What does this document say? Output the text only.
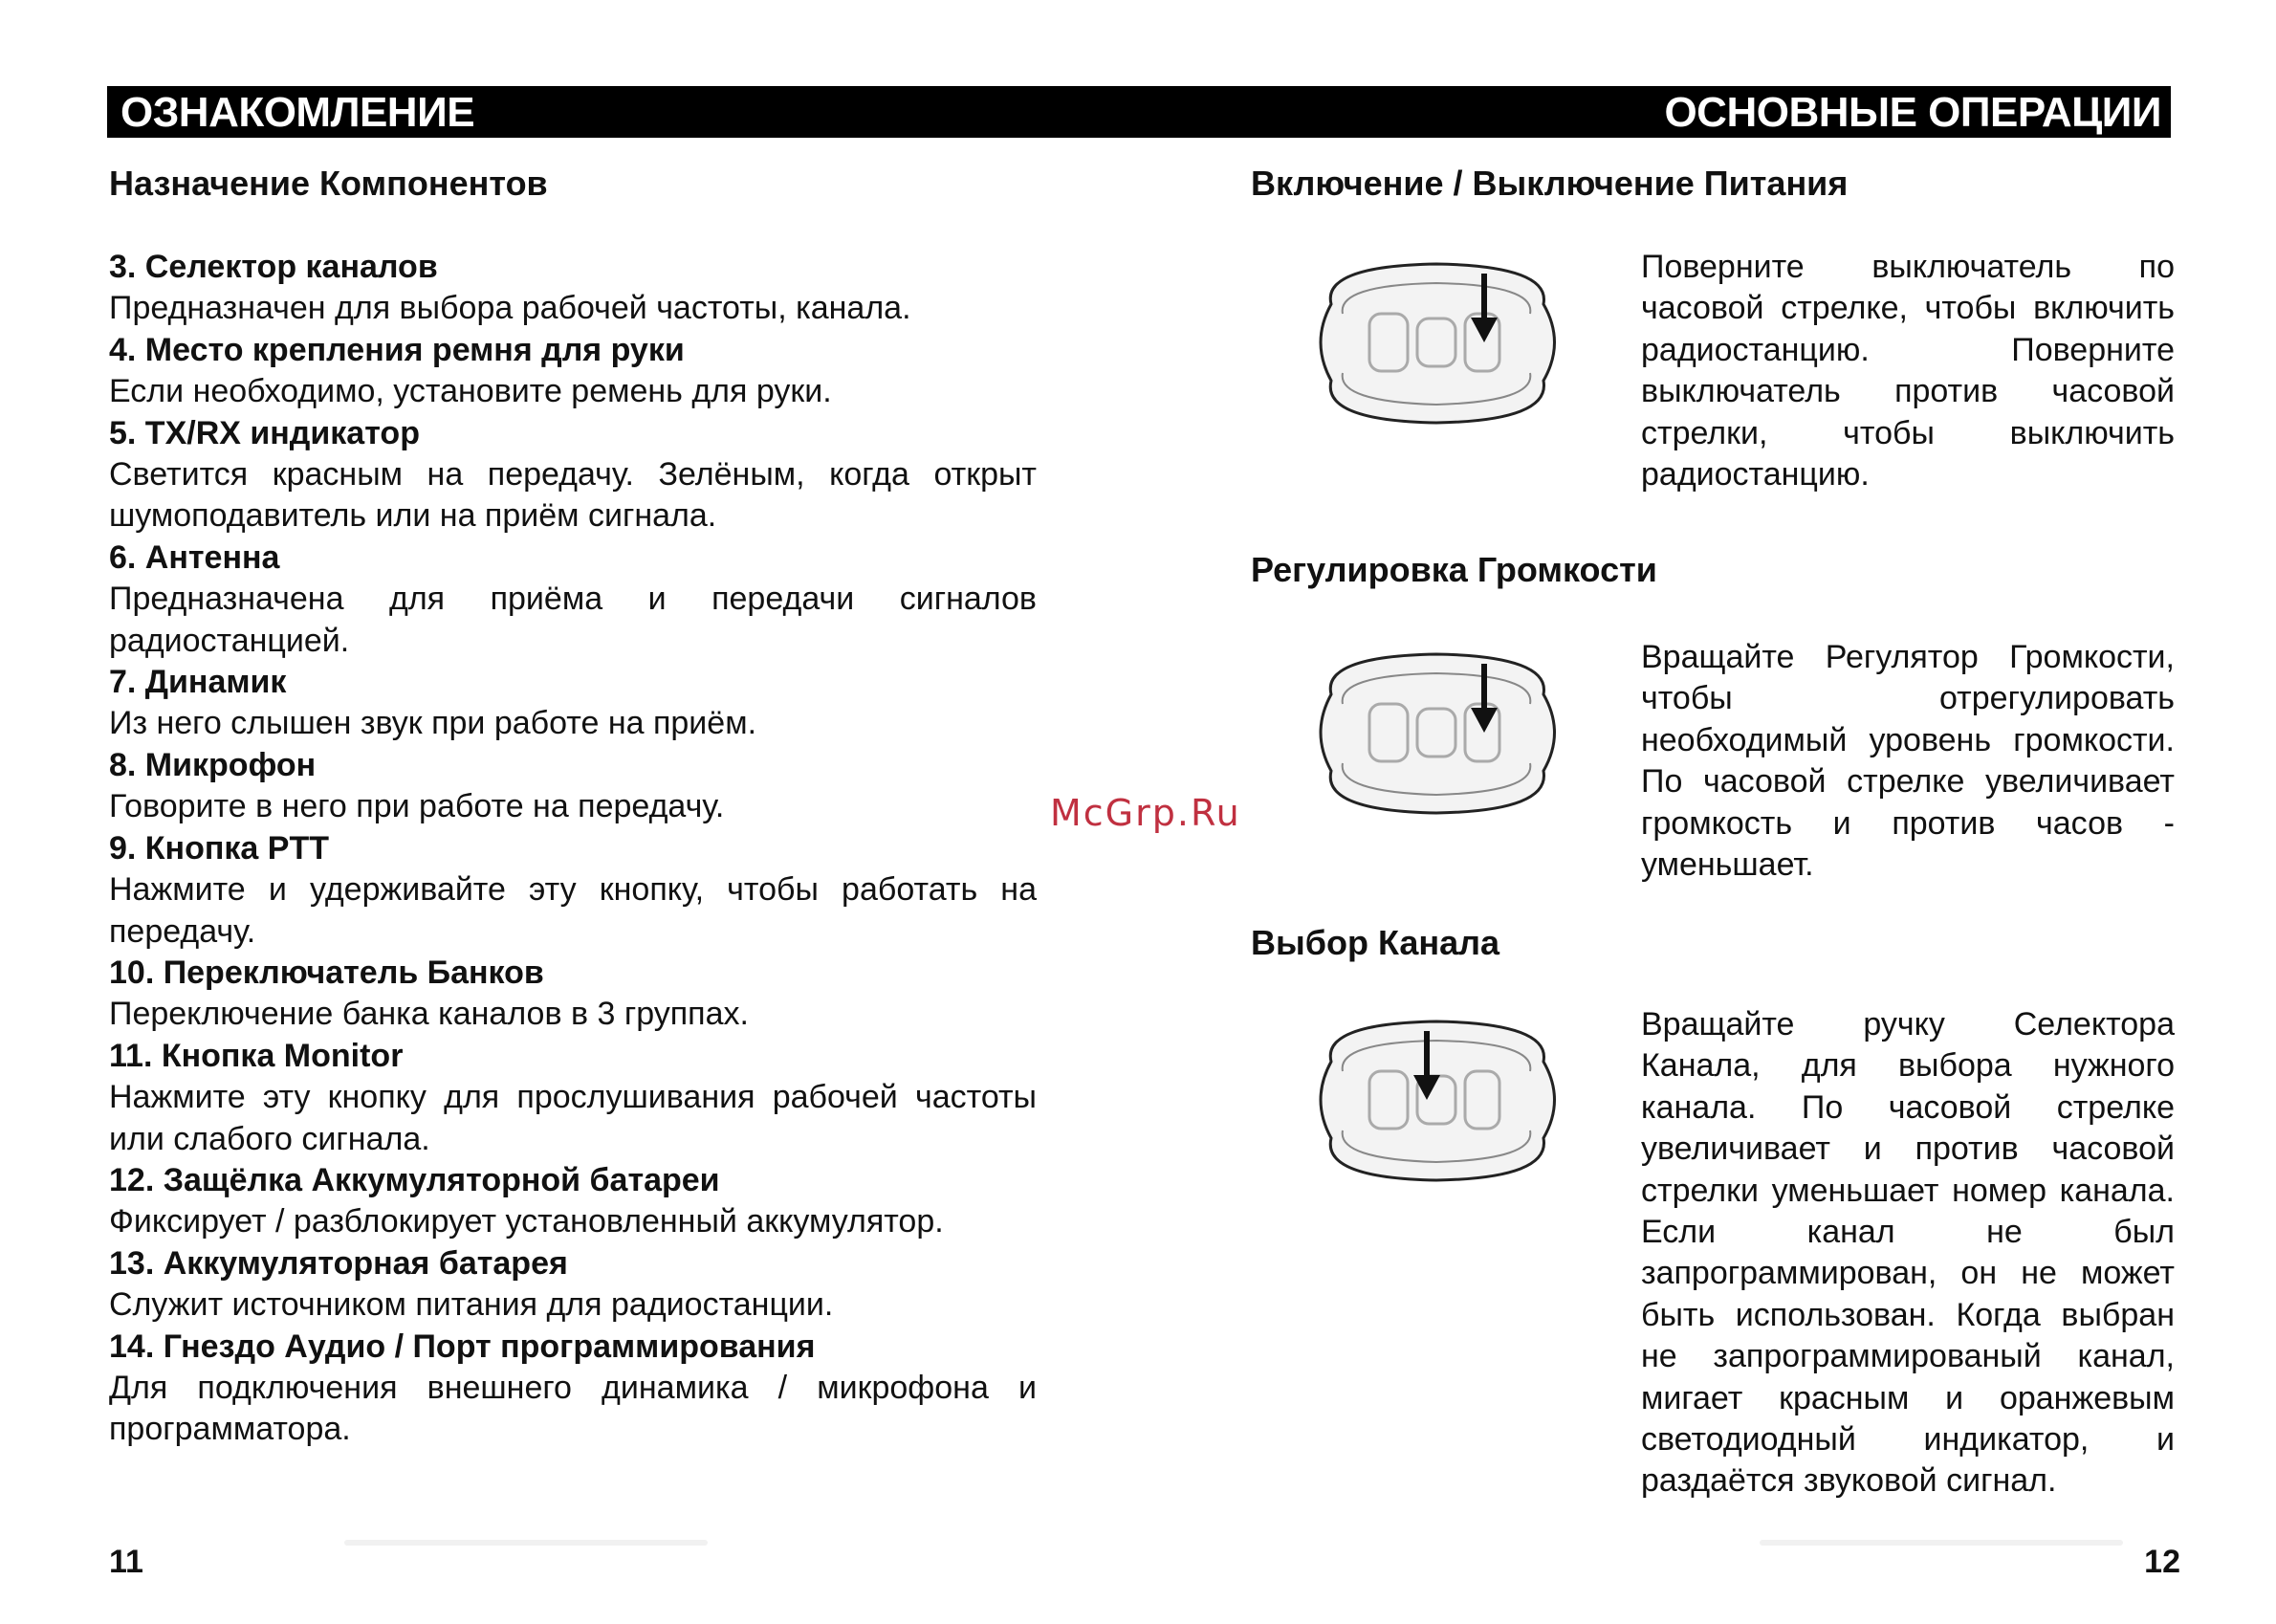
ОЗНАКОМЛЕНИЕ	ОСНОВНЫЕ ОПЕРАЦИИ
Назначение Компонентов
3. Селектор каналов
Предназначен для выбора рабочей частоты, канала.
4. Место крепления ремня для руки
Если необходимо, установите ремень для руки.
5. TX/RX индикатор
Светится красным на передачу. Зелёным, когда открыт шумоподавитель или на приём сигнала.
6. Антенна
Предназначена для приёма и передачи сигналов радиостанцией.
7. Динамик
Из него слышен звук при работе на приём.
8. Микрофон
Говорите в него при работе на передачу.
9. Кнопка PTT
Нажмите и удерживайте эту кнопку, чтобы работать на передачу.
10. Переключатель Банков
Переключение банка каналов в 3 группах.
11. Кнопка Monitor
Нажмите эту кнопку для прослушивания рабочей частоты или слабого сигнала.
12. Защёлка Аккумуляторной батареи
Фиксирует / разблокирует установленный аккумулятор.
13. Аккумуляторная батарея
Служит источником питания для радиостанции.
14. Гнездо Аудио / Порт программирования
Для подключения внешнего динамика / микрофона и программатора.
Включение / Выключение Питания
Поверните выключатель по часовой стрелке, чтобы включить радиостанцию. Поверните выключатель против часовой стрелки, чтобы выключить радиостанцию.
Регулировка Громкости
Вращайте Регулятор Громкости, чтобы отрегулировать необходимый уровень громкости. По часовой стрелке увеличивает громкость и против часов - уменьшает.
Выбор Канала
Вращайте ручку Селектора Канала, для выбора нужного канала. По часовой стрелке увеличивает и против часовой стрелки уменьшает номер канала. Если канал не был запрограммирован, он не может быть использован. Когда выбран не запрограммированый канал, мигает красным и оранжевым светодиодный индикатор, и раздаётся звуковой сигнал.
McGrp.Ru
11	12
